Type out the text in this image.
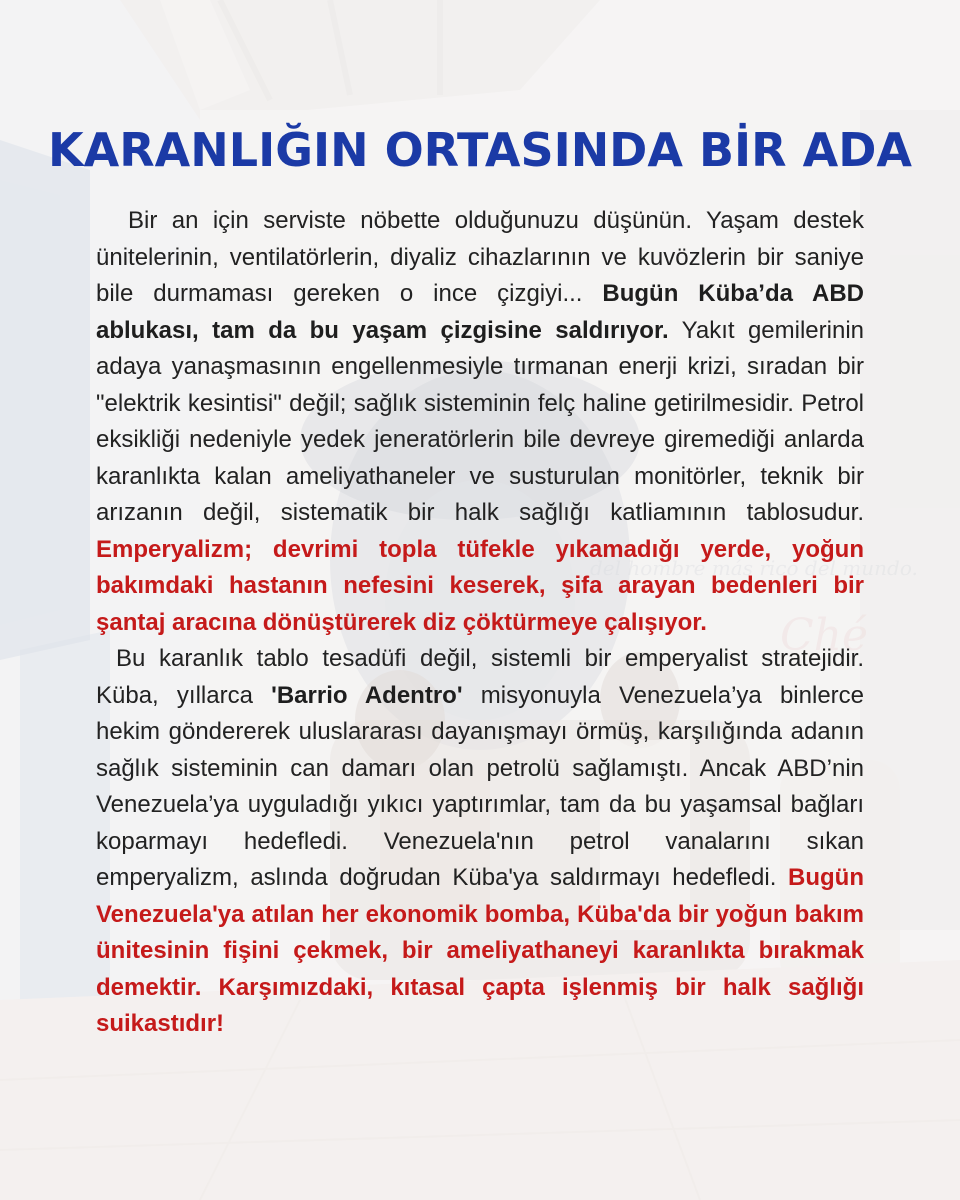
KARANLIĞIN ORTASINDA BİR ADA

Bir an için serviste nöbette olduğunuzu düşünün. Yaşam destek ünitelerinin, ventilatörlerin, diyaliz cihazlarının ve kuvözlerin bir saniye bile durmaması gereken o ince çizgiyi... Bugün Küba’da ABD ablukası, tam da bu yaşam çizgisine saldırıyor. Yakıt gemilerinin adaya yanaşmasının engellenmesiyle tırmanan enerji krizi, sıradan bir "elektrik kesintisi" değil; sağlık sisteminin felç haline getirilmesidir. Petrol eksikliği nedeniyle yedek jeneratörlerin bile devreye giremediği anlarda karanlıkta kalan ameliyathaneler ve susturulan monitörler, teknik bir arızanın değil, sistematik bir halk sağlığı katliamının tablosudur. Emperyalizm; devrimi topla tüfekle yıkamadığı yerde, yoğun bakımdaki hastanın nefesini keserek, şifa arayan bedenleri bir şantaj aracına dönüştürerek diz çöktürmeye çalışıyor.

Bu karanlık tablo tesadüfi değil, sistemli bir emperyalist stratejidir. Küba, yıllarca 'Barrio Adentro' misyonuyla Venezuela’ya binlerce hekim göndererek uluslararası dayanışmayı örmüş, karşılığında adanın sağlık sisteminin can damarı olan petrolü sağlamıştı. Ancak ABD’nin Venezuela’ya uyguladığı yıkıcı yaptırımlar, tam da bu yaşamsal bağları koparmayı hedefledi. Venezuela'nın petrol vanalarını sıkan emperyalizm, aslında doğrudan Küba'ya saldırmayı hedefledi. Bugün Venezuela'ya atılan her ekonomik bomba, Küba'da bir yoğun bakım ünitesinin fişini çekmek, bir ameliyathaneyi karanlıkta bırakmak demektir. Karşımızdaki, kıtasal çapta işlenmiş bir halk sağlığı suikastıdır!
